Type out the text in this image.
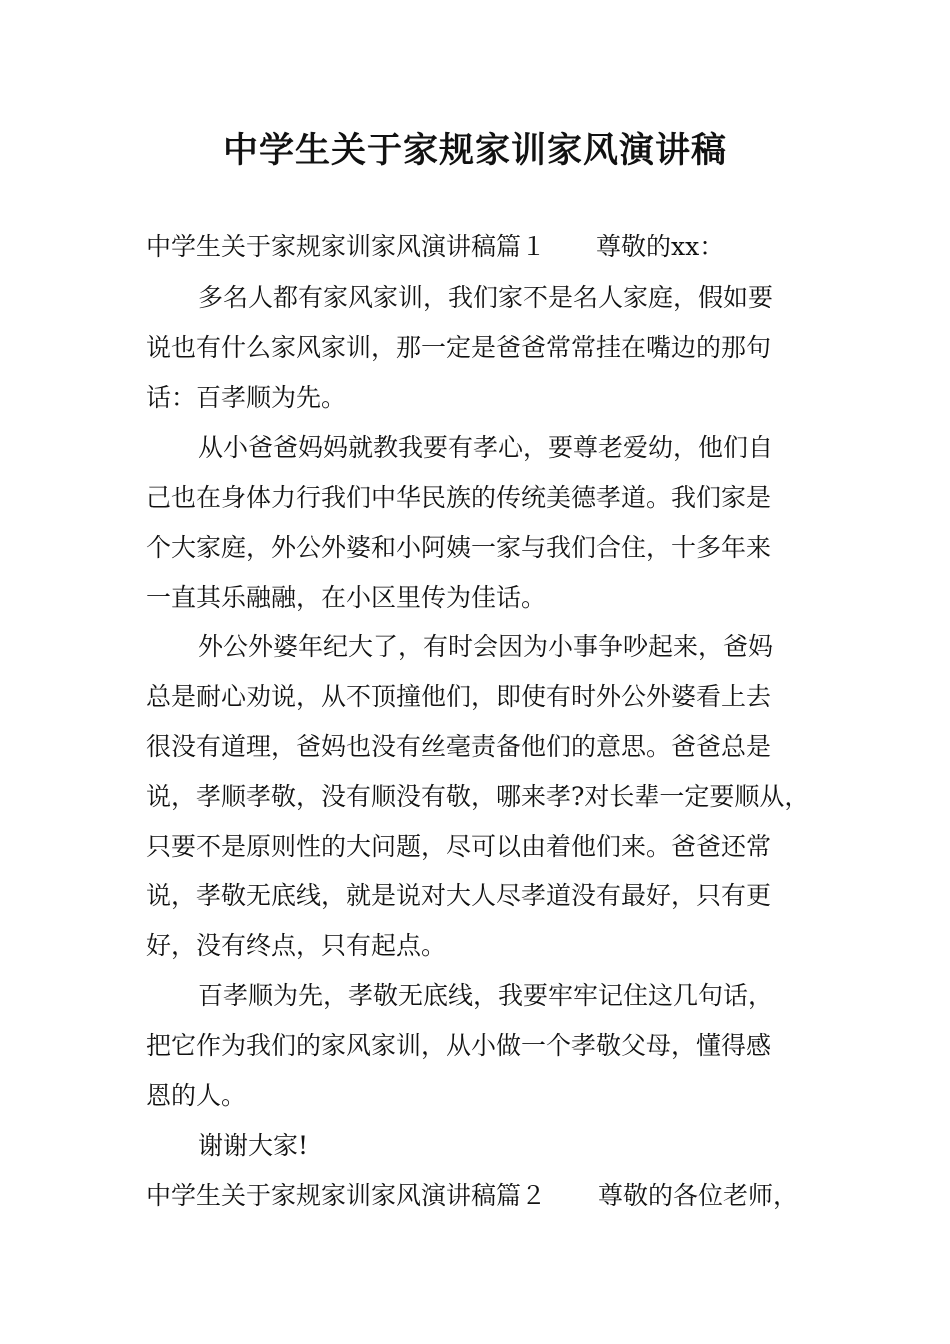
中学生关于家规家训家风演讲稿
中学生关于家规家训家风演讲稿篇１ 尊敬的xx：
多名人都有家风家训，我们家不是名人家庭，假如要
说也有什么家风家训，那一定是爸爸常常挂在嘴边的那句
话：百孝顺为先。
从小爸爸妈妈就教我要有孝心，要尊老爱幼，他们自
己也在身体力行我们中华民族的传统美德孝道。我们家是
个大家庭，外公外婆和小阿姨一家与我们合住，十多年来
一直其乐融融，在小区里传为佳话。
外公外婆年纪大了，有时会因为小事争吵起来，爸妈
总是耐心劝说，从不顶撞他们，即使有时外公外婆看上去
很没有道理，爸妈也没有丝毫责备他们的意思。爸爸总是
说，孝顺孝敬，没有顺没有敬，哪来孝?对长辈一定要顺从，
只要不是原则性的大问题，尽可以由着他们来。爸爸还常
说，孝敬无底线，就是说对大人尽孝道没有最好，只有更
好，没有终点，只有起点。
百孝顺为先，孝敬无底线，我要牢牢记住这几句话，
把它作为我们的家风家训，从小做一个孝敬父母，懂得感
恩的人。
谢谢大家!
中学生关于家规家训家风演讲稿篇２ 尊敬的各位老师，
